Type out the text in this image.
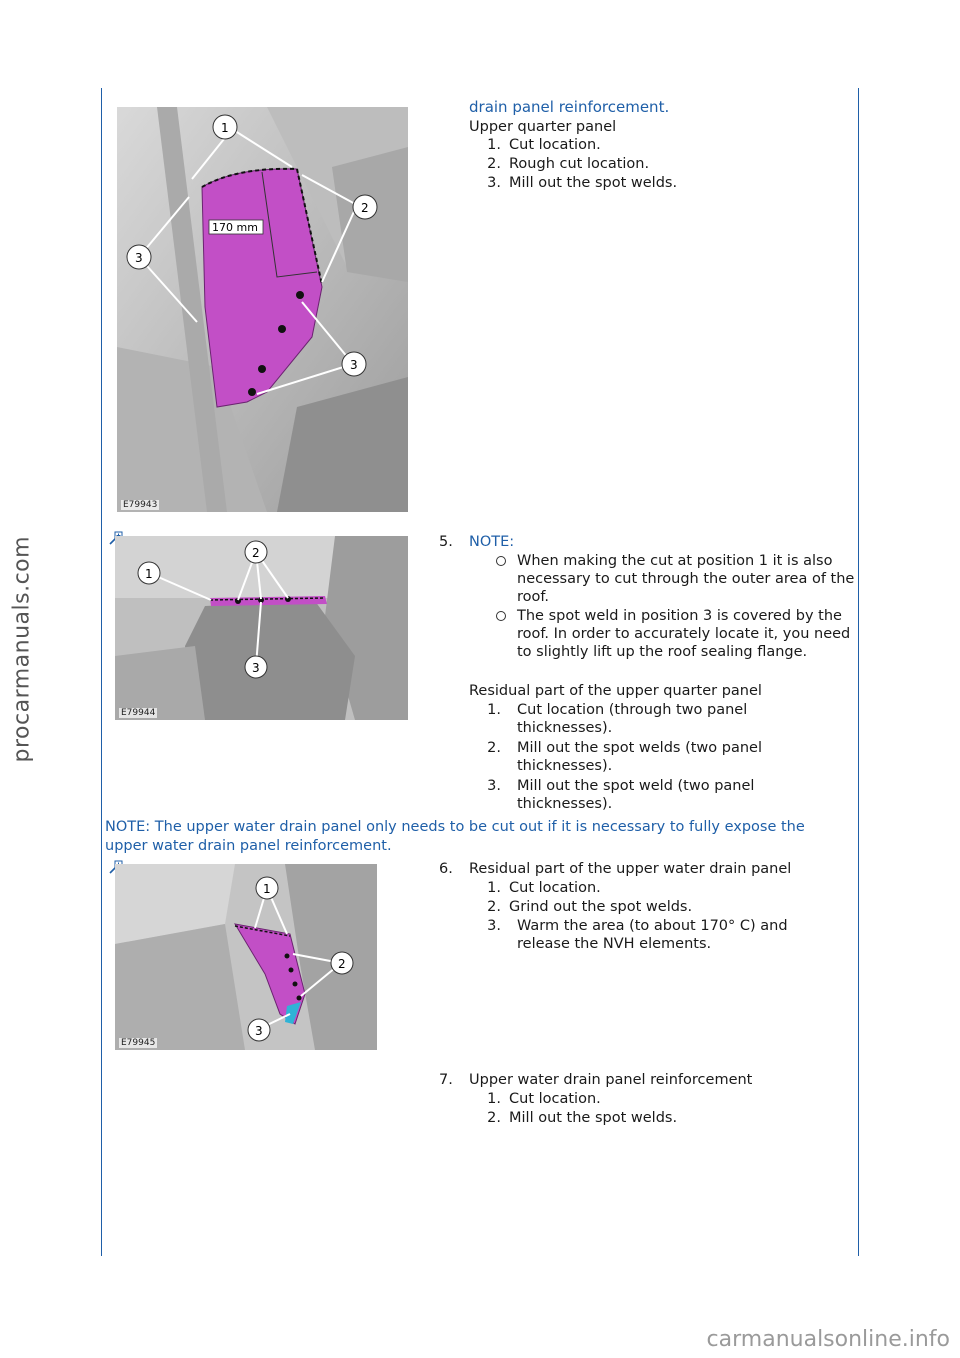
procarmanuals.com
carmanualsonline.info
170 mm
1
2
3
3
E79943
drain panel reinforcement.
Upper quarter panel
1. Cut location.
2. Rough cut location.
3. Mill out the spot welds.
1
2
3
E79944
5. NOTE:
When making the cut at position 1 it is also necessary to cut through the outer area of the roof.
The spot weld in position 3 is covered by the roof. In order to accurately locate it, you need to slightly lift up the roof sealing flange.
Residual part of the upper quarter panel
1. Cut location (through two panel thicknesses).
2. Mill out the spot welds (two panel thicknesses).
3. Mill out the spot weld (two panel thicknesses).
NOTE: The upper water drain panel only needs to be cut out if it is necessary to fully expose the upper water drain panel reinforcement.
1
2
3
E79945
6. Residual part of the upper water drain panel
1. Cut location.
2. Grind out the spot welds.
3. Warm the area (to about 170° C) and release the NVH elements.
7. Upper water drain panel reinforcement
1. Cut location.
2. Mill out the spot welds.
